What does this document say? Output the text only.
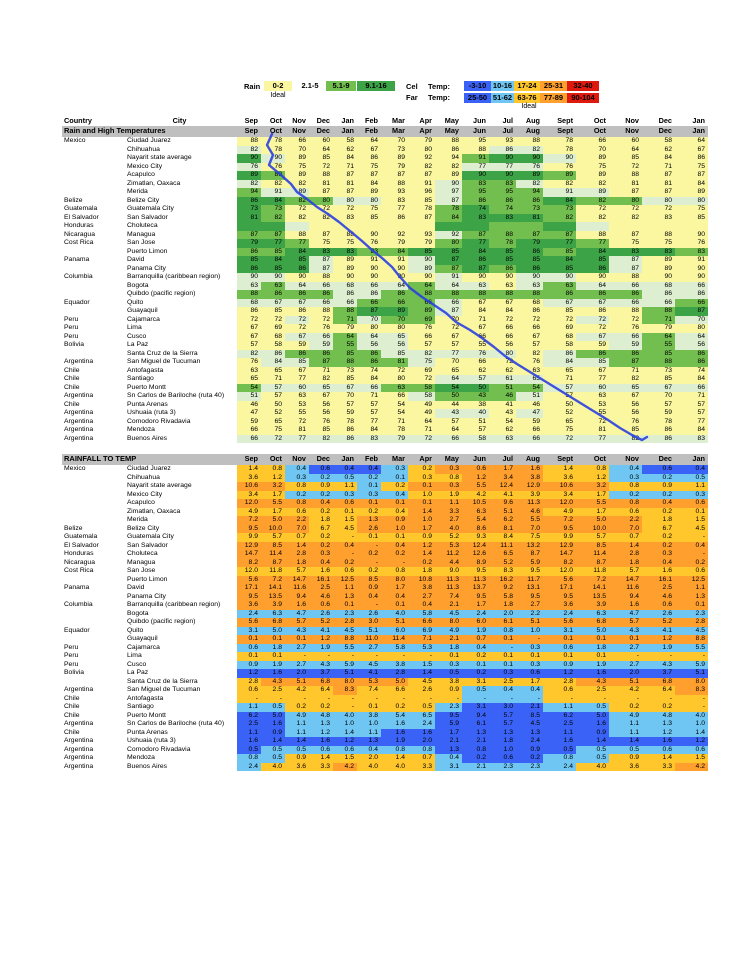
Rain	0-2	2.1-5	5.1-9	9.1-16
Ideal
Cel Temp:
Far Temp:
-3-10 10-16 17-24 25-31	32-40
25-50 51-62 63-76 77-89	90-104
Ideal
Country	City	Sep Oct Nov Dec Jan Feb Mar Apr May Jun Jul Aug Sept	Oct	Nov	Dec	Jan
Rain and High Temperatures	Sep Oct Nov Dec Jan Feb Mar Apr May Jun Jul Aug Sept	Oct	Nov	Dec	Jan
Mexico	Ciudad Juarez	88 78 66 60 58 64	70	79	88	95	93	88	78	66	60	58	64
Chihuahua	82 78 70 64 62 67	73	80	86	88	86	82	78	70	64	62	67
Nayarit state average	90 90 89 85 84 86	89	92	94	91	90	90	90	89	85	84	86
Mexico City	76 76 75 72 71 75	79	82	82	77	77	76	76	75	72	71	75
Acapulco	89 89 89 88 87 87	87	87	89	90	90	89	89	89	88	87	87
Zimatlan, Oaxaca	82 82 82 81 81 84	88	91	90	83	83	82	82	82	81	81	84
Merida	94 91 89 87 87 89	93	96	97	95	95	94	91	89	87	87	89
Belize	Belize City	86 84 82 80 80 80	83	85	87	86	86	86	84	82	80	80	80
Guatemala	Guatemala City	73 73 72 72 72 75	77	78	78	74	74	73	73	72	72	72	75
El Salvador	San Salvador	81 82 82 82 83 85	86	87	84	83	83	81	82	82	82	83	85
Honduras	Choluteca
Nicaragua	Managua	87 87 88 87 88 90	92	93	92	87	88	87	87	88	87	88	90
Cost Rica	San Jose	79 77 77 75 75 76	79	79	80	77	78	79	77	77	75	75	76
Puerto Limon	86 85 84 83 83 83	84	85	85	84	85	86	85	84	83	83	83
Panama	David	85 84 85 87 89 91	91	90	87	86	85	85	84	85	87	89	91
Panama City	86 85 86 87 89 90	90	89	87	87	86	86	85	86	87	89	90
Columbia	Barranquilla (caribbean region)	90 90 90 88 90 90	90	90	91	90	90	90	90	90	88	90	90
Bogota	63 63 64 66 68 66	64	64	64	63	63	63	63	64	66	68	66
Quibdo (pacific region)	88 86 86 86 86 86	86	88	88	88	88	88	86	86	86	86	86
Equador	Quito	68 67 67 66 66 66	66	66	66	67	67	68	67	67	66	66	66
Guayaquil	86 85 86 88 88 87	89	89	87	84	84	86	85	86	88	88	87
Peru	Cajamarca	72 72 72 72 71 70	70	69	70	71	72	72	72	72	72	71	70
Peru	Lima	67 69 72 76 79 80	80	76	72	67	66	66	69	72	76	79	80
Peru	Cusco	67 68 67 66 64 64	65	66	67	66	66	67	68	67	66	64	64
Bolivia	La Paz	57 58 59 59 55 56	56	57	57	55	56	57	58	59	59	55	56
Santa Cruz de la Sierra	82 86 86 86 85 86	85	82	77	76	80	82	86	86	86	85	86
Argentina	San Miguel de Tucuman	76 84 85 87 88 86	81	75	70	66	72	76	84	85	87	88	86
Chile	Antofagasta	63 65 67 71 73 74	72	69	65	62	62	63	65	67	71	73	74
Chile	Santiago	65 71 77 82 85 84	80	72	64	57	61	65	71	77	82	85	84
Chile	Puerto Montt	54 57 60 65 67 66	63	58	54	50	51	54	57	60	65	67	66
Argentina	Sn Carlos de Bariloche (ruta 40)	51 57 63 67 70 71	66	58	50	43	46	51	57	63	67	70	71
Chile	Punta Arenas	46 50 53 56 57 57	54	49	44	38	41	46	50	53	56	57	57
Argentina	Ushuaia (ruta 3)	47 52 55 56 59 57	54	49	43	40	43	47	52	55	56	59	57
Argentina	Comodoro Rivadavia	59 65 72 76 78 77	71	64	57	51	54	59	65	72	76	78	77
Argentina	Mendoza	66 75 81 85 86 84	78	71	64	57	62	66	75	81	85	86	84
Argentina	Buenos Aires	66 72 77 82 86 83	79	72	66	58	63	66	72	77	82	86	83
RAINFALL TO TEMP	Sep Oct Nov Dec Jan Feb Mar Apr May Jun Jul Aug Sept	Oct	Nov	Dec	Jan
Mexico	Ciudad Juarez	1.4 0.8 0.4 0.6 0.4 0.4	0.3	0.2	0.3	0.6	1.7	1.6	1.4	0.8	0.4	0.6	0.4
Chihuahua	3.6 1.2 0.3 0.2 0.5 0.2	0.1	0.3	0.8	1.2	3.4	3.8	3.6	1.2	0.3	0.2	0.5
Nayarit state average	10.6 3.2 0.8 0.9 1.1 0.1	0.2	0.1	0.3	5.5 12.4 12.9	10.6	3.2	0.8	0.9	1.1
Mexico City	3.4 1.7 0.2 0.2 0.3 0.3	0.4	1.0	1.9	4.2	4.1	3.9	3.4	1.7	0.2	0.2	0.3
Acapulco	12.0 5.5 0.8 0.4 0.6 0.1	0.1	0.1	1.1 10.5	9.6 11.3	12.0	5.5	0.8	0.4	0.6
Zimatlan, Oaxaca	4.9 1.7 0.6 0.2 0.1 0.2	0.4	1.4	3.3	6.3	5.1	4.6	4.9	1.7	0.6	0.2	0.1
Merida	7.2 5.0 2.2 1.8 1.5 1.3	0.9	1.0	2.7	5.4	6.2	5.5	7.2	5.0	2.2	1.8	1.5
Belize	Belize City	9.5 10.0 7.0 6.7 4.5 2.6	1.0	1.7	4.0	8.6	8.1	7.0	9.5	10.0	7.0	6.7	4.5
Guatemala	Guatemala City	9.9 5.7 0.7 0.2	- 0.1	0.1	0.9	5.2	9.3	8.4	7.5	9.9	5.7	0.7	0.2	-
El Salvador	San Salvador	12.9 8.5 1.4 0.2 0.4	-	0.4	1.2	5.3 12.4 11.1 13.2	12.9	8.5	1.4	0.2	0.4
Honduras	Choluteca	14.7 11.4 2.8 0.3	- 0.2	0.2	1.4 11.2 12.6	6.5	8.7	14.7	11.4	2.8	0.3	-
Nicaragua	Managua	8.2 8.7 1.8 0.4 0.2	-	-	0.2	4.4	8.9	5.2	5.9	8.2	8.7	1.8	0.4	0.2
Cost Rica	San Jose	12.0 11.8 5.7 1.6 0.6 0.2	0.8	1.8	9.0	9.5	8.3	9.5	12.0	11.8	5.7	1.6	0.6
Puerto Limon	5.6 7.2 14.7 16.1 12.5 8.5	8.0 10.8 11.3 11.3 16.2 11.7	5.6	7.2	14.7	16.1	12.5
Panama	David	17.1 14.1 11.6 2.5 1.1 0.9	1.7	3.8 11.3 13.7	9.2 13.1	17.1	14.1	11.6	2.5	1.1
Panama City	9.5 13.5 9.4 4.6 1.3 0.4	0.4	2.7	7.4	9.5	5.8	9.5	9.5	13.5	9.4	4.6	1.3
Columbia	Barranquilla (caribbean region)	3.6 3.9 1.6 0.6 0.1	-	0.1	0.4	2.1	1.7	1.8	2.7	3.6	3.9	1.6	0.6	0.1
Bogota	2.4 6.3 4.7 2.6 2.3 2.6	4.0	5.8	4.5	2.4	2.0	2.2	2.4	6.3	4.7	2.6	2.3
Quibdo (pacific region)	5.6 6.8 5.7 5.2 2.8 3.0	5.1	6.6	8.0	6.0	6.1	5.1	5.6	6.8	5.7	5.2	2.8
Equador	Quito	3.1 5.0 4.3 4.1 4.5 5.1	6.0	6.9	4.9	1.9	0.8	1.0	3.1	5.0	4.3	4.1	4.5
Guayaquil	0.1 0.1 0.1 1.2 8.8 11.0 11.4	7.1	2.1	0.7	0.1	-	0.1	0.1	0.1	1.2	8.8
Peru	Cajamarca	0.6 1.8 2.7 1.9 5.5 2.7	5.8	5.3	1.8	0.4	-	0.3	0.6	1.8	2.7	1.9	5.5
Peru	Lima	0.1 0.1	-	-	-	-	-	-	0.1	0.2	0.1	0.1	0.1	0.1	-	-	-
Peru	Cusco	0.9 1.9 2.7 4.3 5.9 4.5	3.8	1.5	0.3	0.1	0.1	0.3	0.9	1.9	2.7	4.3	5.9
Bolivia	La Paz	1.2 1.6 2.0 3.7 5.1 4.1	2.8	1.4	0.5	0.2	0.3	0.6	1.2	1.6	2.0	3.7	5.1
Santa Cruz de la Sierra	2.8 4.3 5.1 6.8 8.0 5.3	5.0	4.5	3.8	3.1	2.5	1.7	2.8	4.3	5.1	6.8	8.0
Argentina	San Miguel de Tucuman	0.6 2.5 4.2 6.4 8.3 7.4	6.6	2.6	0.9	0.5	0.4	0.4	0.6	2.5	4.2	6.4	8.3
Chile	Antofagasta	-	-	-	-	-	-	-	-	-	-	-	-	-	-	-	-	-
Chile	Santiago	1.1 0.5 0.2 0.2	- 0.1	0.2	0.5	2.3	3.1	3.0	2.1	1.1	0.5	0.2	0.2	-
Chile	Puerto Montt	6.2 5.0 4.9 4.8 4.0 3.8	5.4	6.5	9.5	9.4	5.7	8.5	6.2	5.0	4.9	4.8	4.0
Argentina	Sn Carlos de Bariloche (ruta 40)	2.5 1.6 1.1 1.3 1.0 1.0	1.6	2.4	5.9	6.1	5.7	4.5	2.5	1.6	1.1	1.3	1.0
Chile	Punta Arenas	1.1 0.9 1.1 1.2 1.4 1.1	1.6	1.6	1.7	1.3	1.3	1.3	1.1	0.9	1.1	1.2	1.4
Argentina	Ushuaia (ruta 3)	1.6 1.4 1.4 1.6 1.2 1.3	1.9	2.0	2.1	2.1	1.8	2.4	1.6	1.4	1.4	1.6	1.2
Argentina	Comodoro Rivadavia	0.5 0.5 0.5 0.6 0.6 0.4	0.8	0.8	1.3	0.8	1.0	0.9	0.5	0.5	0.5	0.6	0.6
Argentina	Mendoza	0.8 0.5 0.9 1.4 1.5 2.0	1.4	0.7	0.4	0.2	0.6	0.2	0.8	0.5	0.9	1.4	1.5
Argentina	Buenos Aires	2.4 4.0 3.6 3.3 4.2 4.0	4.0	3.3	3.1	2.1	2.3	2.3	2.4	4.0	3.6	3.3	4.2
